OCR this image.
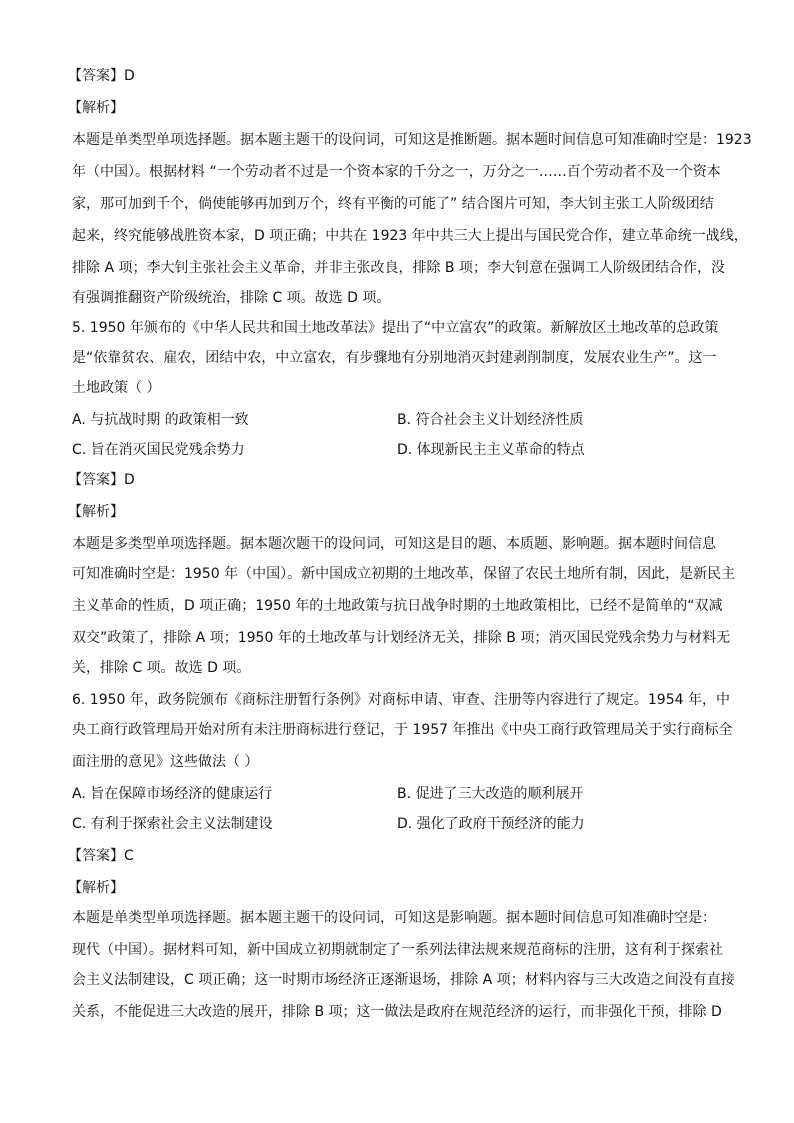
【答案】D
【解析】
本题是单类型单项选择题。据本题主题干的设问词，可知这是推断题。据本题时间信息可知准确时空是：1923
年（中国）。根据材料 “一个劳动者不过是一个资本家的千分之一，万分之一……百个劳动者不及一个资本
家，那可加到千个，倘使能够再加到万个，终有平衡的可能了” 结合图片可知，李大钊主张工人阶级团结
起来，终究能够战胜资本家，D 项正确；中共在 1923 年中共三大上提出与国民党合作，建立革命统一战线，
排除 A 项；李大钊主张社会主义革命，并非主张改良，排除 B 项；李大钊意在强调工人阶级团结合作，没
有强调推翻资产阶级统治，排除 C 项。故选 D 项。
5. 1950 年颁布的《中华人民共和国土地改革法》提出了“中立富农”的政策。新解放区土地改革的总政策
是“依靠贫农、雇农，团结中农，中立富农，有步骤地有分别地消灭封建剥削制度，发展农业生产”。这一
土地政策（ ）
A. 与抗战时期 的政策相一致	B. 符合社会主义计划经济性质
C. 旨在消灭国民党残余势力	D. 体现新民主主义革命的特点
【答案】D
【解析】
本题是多类型单项选择题。据本题次题干的设问词，可知这是目的题、本质题、影响题。据本题时间信息
可知准确时空是：1950 年（中国）。新中国成立初期的土地改革，保留了农民土地所有制，因此，是新民主
主义革命的性质，D 项正确；1950 年的土地政策与抗日战争时期的土地政策相比，已经不是简单的“双减
双交”政策了，排除 A 项；1950 年的土地改革与计划经济无关，排除 B 项；消灭国民党残余势力与材料无
关，排除 C 项。故选 D 项。
6. 1950 年，政务院颁布《商标注册暂行条例》对商标申请、审查、注册等内容进行了规定。1954 年，中
央工商行政管理局开始对所有未注册商标进行登记，于 1957 年推出《中央工商行政管理局关于实行商标全
面注册的意见》这些做法（ ）
A. 旨在保障市场经济的健康运行	B. 促进了三大改造的顺利展开
C. 有利于探索社会主义法制建设	D. 强化了政府干预经济的能力
【答案】C
【解析】
本题是单类型单项选择题。据本题主题干的设问词，可知这是影响题。据本题时间信息可知准确时空是：
现代（中国）。据材料可知，新中国成立初期就制定了一系列法律法规来规范商标的注册，这有利于探索社
会主义法制建设，C 项正确；这一时期市场经济正逐渐退场，排除 A 项；材料内容与三大改造之间没有直接
关系，不能促进三大改造的展开，排除 B 项；这一做法是政府在规范经济的运行，而非强化干预，排除 D
